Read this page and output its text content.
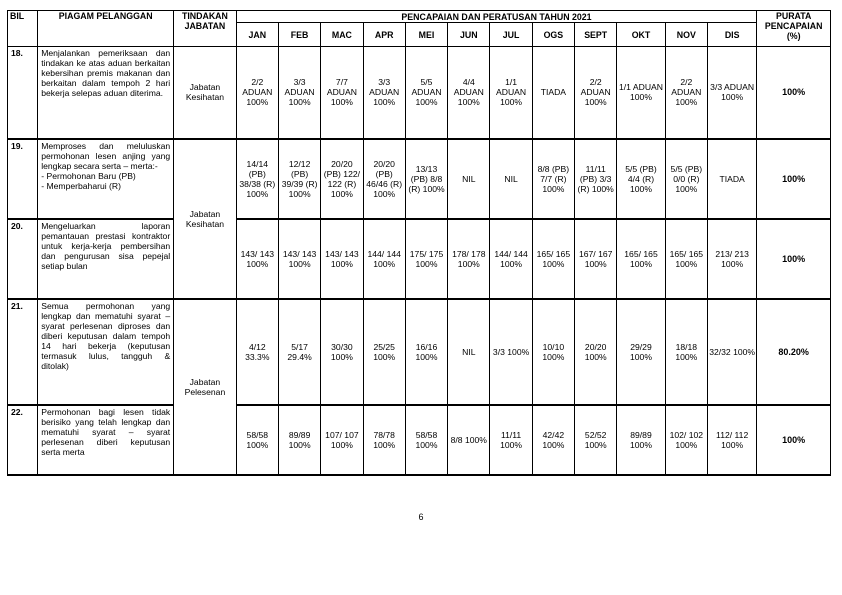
BIL	PIAGAM PELANGGAN	TINDAKAN JABATAN	PENCAPAIAN DAN PERATUSAN TAHUN 2021												PURATA PENCAPAIAN (%)
			JAN	FEB	MAC	APR	MEI	JUN	JUL	OGS	SEPT	OKT	NOV	DIS	
18.	Menjalankan pemeriksaan dan tindakan ke atas aduan berkaitan kebersihan premis makanan dan berkaitan dalam tempoh 2 hari bekerja selepas aduan diterima.	Jabatan Kesihatan	2/2 ADUAN 100%	3/3 ADUAN 100%	7/7 ADUAN 100%	3/3 ADUAN 100%	5/5 ADUAN 100%	4/4 ADUAN 100%	1/1 ADUAN 100%	TIADA	2/2 ADUAN 100%	1/1 ADUAN 100%	2/2 ADUAN 100%	3/3 ADUAN 100%	100%
19.	Memproses dan meluluskan permohonan lesen anjing yang lengkap secara serta – merta:-
- Permohonan Baru (PB)
- Memperbaharui (R)	Jabatan Kesihatan	14/14 (PB) 38/38 (R) 100%	12/12 (PB) 39/39 (R) 100%	20/20 (PB) 122/ 122 (R) 100%	20/20 (PB) 46/46 (R) 100%	13/13 (PB) 8/8 (R) 100%	NIL	NIL	8/8 (PB) 7/7 (R) 100%	11/11 (PB) 3/3 (R) 100%	5/5 (PB) 4/4 (R) 100%	5/5 (PB) 0/0 (R) 100%	TIADA	100%
20.	Mengeluarkan laporan pemantauan prestasi kontraktor untuk kerja-kerja pembersihan dan pengurusan sisa pepejal setiap bulan		143/ 143 100%	143/ 143 100%	143/ 143 100%	144/ 144 100%	175/ 175 100%	178/ 178 100%	144/ 144 100%	165/ 165 100%	167/ 167 100%	165/ 165 100%	165/ 165 100%	213/ 213 100%	100%
21.	Semua permohonan yang lengkap dan mematuhi syarat – syarat perlesenan diproses dan diberi keputusan dalam tempoh 14 hari bekerja (keputusan termasuk lulus, tangguh & ditolak)	Jabatan Pelesenan	4/12 33.3%	5/17 29.4%	30/30 100%	25/25 100%	16/16 100%	NIL	3/3 100%	10/10 100%	20/20 100%	29/29 100%	18/18 100%	32/32 100%	80.20%
22.	Permohonan bagi lesen tidak berisiko yang telah lengkap dan mematuhi syarat – syarat perlesenan diberi keputusan serta merta		58/58 100%	89/89 100%	107/ 107 100%	78/78 100%	58/58 100%	8/8 100%	11/11 100%	42/42 100%	52/52 100%	89/89 100%	102/ 102 100%	112/ 112 100%	100%
6
